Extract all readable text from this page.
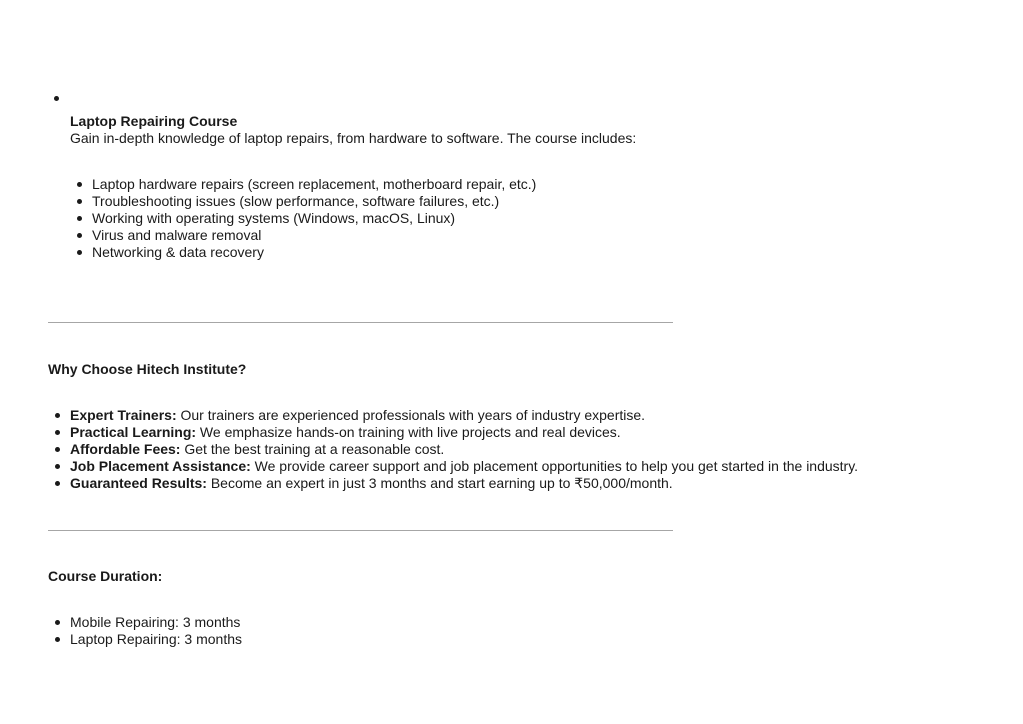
Laptop Repairing Course
Gain in-depth knowledge of laptop repairs, from hardware to software. The course includes:
Laptop hardware repairs (screen replacement, motherboard repair, etc.)
Troubleshooting issues (slow performance, software failures, etc.)
Working with operating systems (Windows, macOS, Linux)
Virus and malware removal
Networking & data recovery
Why Choose Hitech Institute?
Expert Trainers: Our trainers are experienced professionals with years of industry expertise.
Practical Learning: We emphasize hands-on training with live projects and real devices.
Affordable Fees: Get the best training at a reasonable cost.
Job Placement Assistance: We provide career support and job placement opportunities to help you get started in the industry.
Guaranteed Results: Become an expert in just 3 months and start earning up to ₹50,000/month.
Course Duration:
Mobile Repairing: 3 months
Laptop Repairing: 3 months
